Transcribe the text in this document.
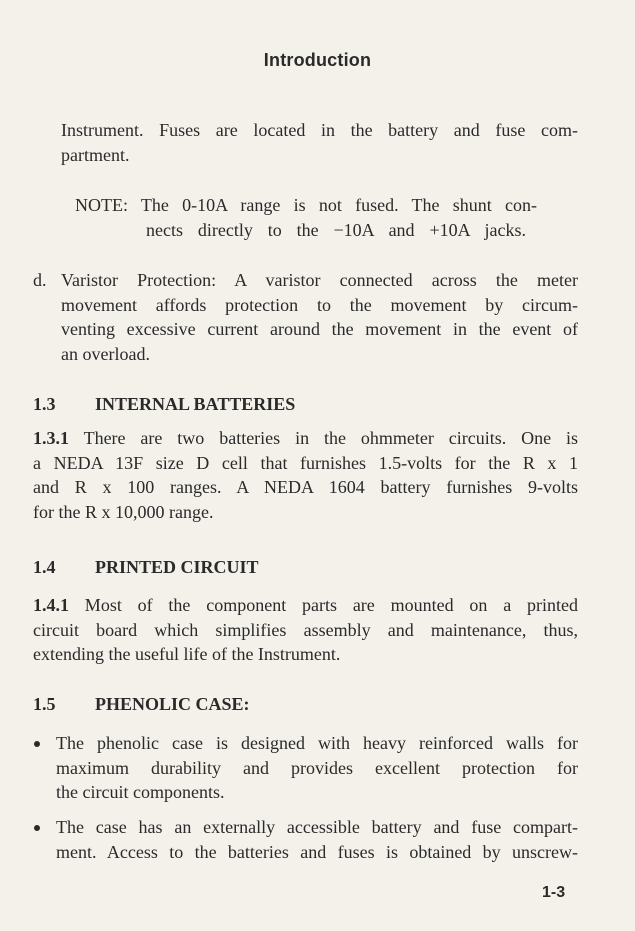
Introduction
Instrument. Fuses are located in the battery and fuse com-
partment.
NOTE: The 0-10A range is not fused. The shunt con-
nects directly to the −10A and +10A jacks.
d. Varistor Protection: A varistor connected across the meter
movement affords protection to the movement by circum-
venting excessive current around the movement in the event of
an overload.
1.3 INTERNAL BATTERIES
1.3.1 There are two batteries in the ohmmeter circuits. One is
a NEDA 13F size D cell that furnishes 1.5-volts for the R x 1
and R x 100 ranges. A NEDA 1604 battery furnishes 9-volts
for the R x 10,000 range.
1.4 PRINTED CIRCUIT
1.4.1 Most of the component parts are mounted on a printed
circuit board which simplifies assembly and maintenance, thus,
extending the useful life of the Instrument.
1.5 PHENOLIC CASE:
The phenolic case is designed with heavy reinforced walls for
maximum durability and provides excellent protection for
the circuit components.
The case has an externally accessible battery and fuse compart-
ment. Access to the batteries and fuses is obtained by unscrew-
1-3
